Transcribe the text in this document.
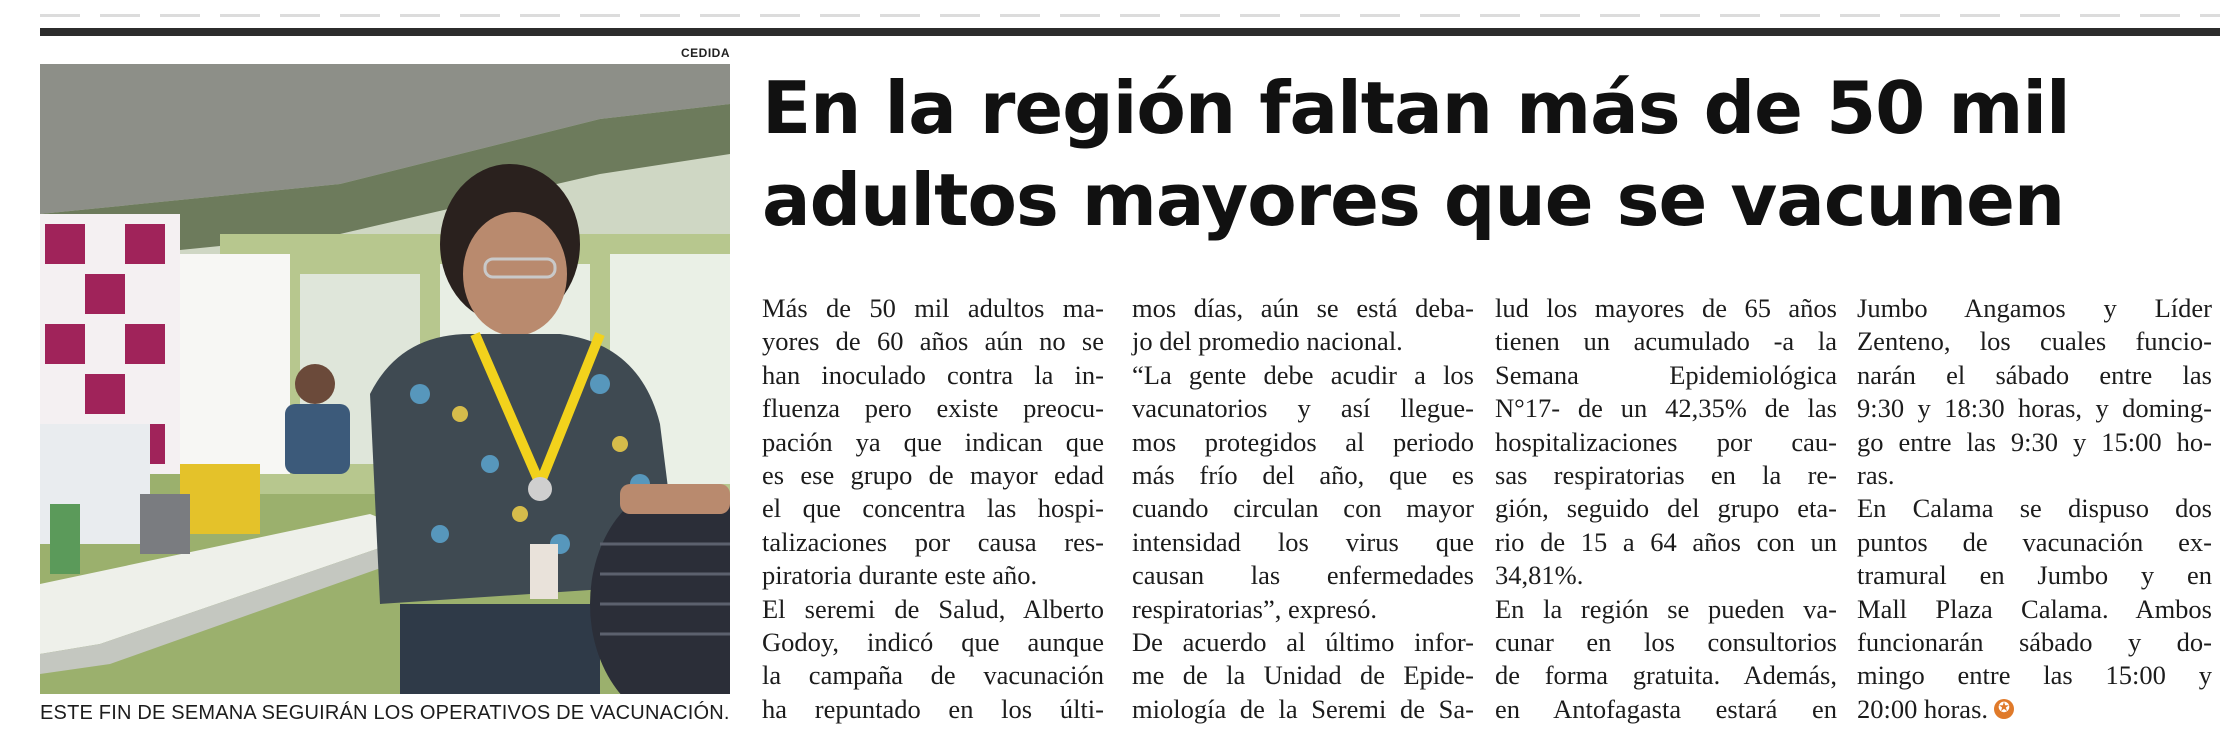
CEDIDA
ESTE FIN DE SEMANA SEGUIRÁN LOS OPERATIVOS DE VACUNACIÓN.
En la región faltan más de 50 mil
adultos mayores que se vacunen
Más de 50 mil adultos ma-
yores de 60 años aún no se
han inoculado contra la in-
fluenza pero existe preocu-
pación ya que indican que
es ese grupo de mayor edad
el que concentra las hospi-
talizaciones por causa res-
piratoria durante este año.
El seremi de Salud, Alberto
Godoy, indicó que aunque
la campaña de vacunación
ha repuntado en los últi-
mos días, aún se está deba-
jo del promedio nacional.
“La gente debe acudir a los
vacunatorios y así llegue-
mos protegidos al periodo
más frío del año, que es
cuando circulan con mayor
intensidad los virus que
causan las enfermedades
respiratorias”, expresó.
De acuerdo al último infor-
me de la Unidad de Epide-
miología de la Seremi de Sa-
lud los mayores de 65 años
tienen un acumulado -a la
Semana Epidemiológica
N°17- de un 42,35% de las
hospitalizaciones por cau-
sas respiratorias en la re-
gión, seguido del grupo eta-
rio de 15 a 64 años con un
34,81%.
En la región se pueden va-
cunar en los consultorios
de forma gratuita. Además,
en Antofagasta estará en
Jumbo Angamos y Líder
Zenteno, los cuales funcio-
narán el sábado entre las
9:30 y 18:30 horas, y doming-
go entre las 9:30 y 15:00 ho-
ras.
En Calama se dispuso dos
puntos de vacunación ex-
tramural en Jumbo y en
Mall Plaza Calama. Ambos
funcionarán sábado y do-
mingo entre las 15:00 y
20:00 horas. ✪
